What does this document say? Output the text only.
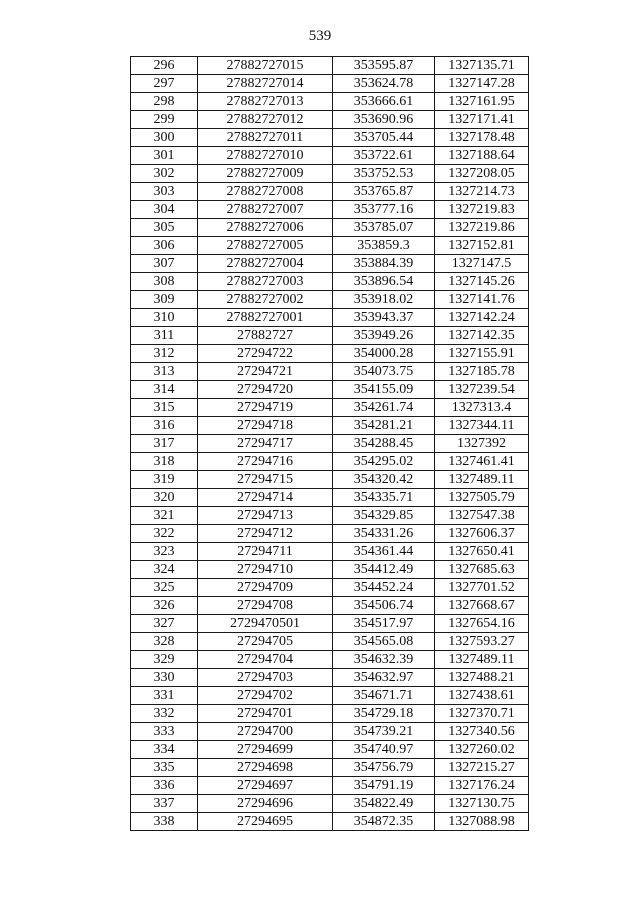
539
296	27882727015	353595.87	1327135.71
297	27882727014	353624.78	1327147.28
298	27882727013	353666.61	1327161.95
299	27882727012	353690.96	1327171.41
300	27882727011	353705.44	1327178.48
301	27882727010	353722.61	1327188.64
302	27882727009	353752.53	1327208.05
303	27882727008	353765.87	1327214.73
304	27882727007	353777.16	1327219.83
305	27882727006	353785.07	1327219.86
306	27882727005	353859.3	1327152.81
307	27882727004	353884.39	1327147.5
308	27882727003	353896.54	1327145.26
309	27882727002	353918.02	1327141.76
310	27882727001	353943.37	1327142.24
311	27882727	353949.26	1327142.35
312	27294722	354000.28	1327155.91
313	27294721	354073.75	1327185.78
314	27294720	354155.09	1327239.54
315	27294719	354261.74	1327313.4
316	27294718	354281.21	1327344.11
317	27294717	354288.45	1327392
318	27294716	354295.02	1327461.41
319	27294715	354320.42	1327489.11
320	27294714	354335.71	1327505.79
321	27294713	354329.85	1327547.38
322	27294712	354331.26	1327606.37
323	27294711	354361.44	1327650.41
324	27294710	354412.49	1327685.63
325	27294709	354452.24	1327701.52
326	27294708	354506.74	1327668.67
327	2729470501	354517.97	1327654.16
328	27294705	354565.08	1327593.27
329	27294704	354632.39	1327489.11
330	27294703	354632.97	1327488.21
331	27294702	354671.71	1327438.61
332	27294701	354729.18	1327370.71
333	27294700	354739.21	1327340.56
334	27294699	354740.97	1327260.02
335	27294698	354756.79	1327215.27
336	27294697	354791.19	1327176.24
337	27294696	354822.49	1327130.75
338	27294695	354872.35	1327088.98
